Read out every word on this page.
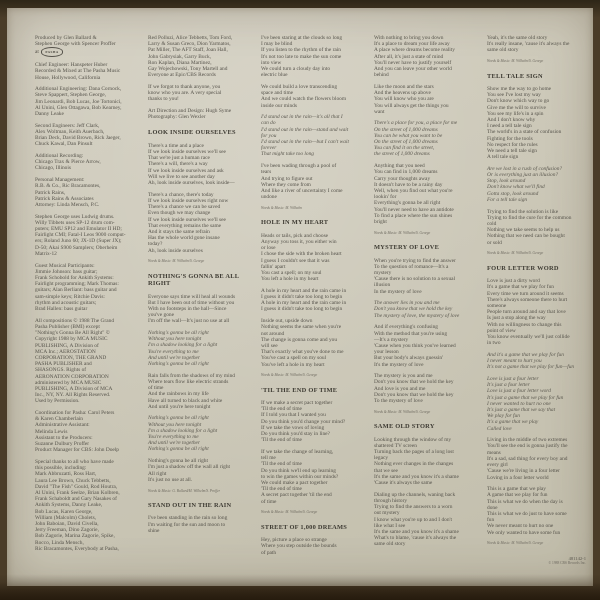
Produced by Glen Ballard &
Stephen George with Spencer Proffer
at PASHA
Chief Engineer: Hanspeter Huber
Recorded & Mixed at The Pasha Music
House, Hollywood, California
Additional Engineering: Dana Cornock,
Steve Spappert, Stephen George,
Jim Leonardi, Bob Lucas, Joe Tortonici,
Al Unini, Glen Ottagawa, Bob Kearney,
Danny Leake
Second Engineers: Jeff Clark,
Alex Woltman, Keith Auerbach,
Brian Deck, David Brown, Rick Jaeger,
Chuck Kawal, Dan Pinsult
Additional Recording:
Chicago Trax & Pierce Arrow,
Chicago, Illinois
Personal Management:
R.B. & Co., Ric Bracamontes,
Patrick Rains,
Patrick Rains & Associates
Attorney: Linda Mensch, P.C.
Stephen George uses Ludwig drums.
Willy Tibbets uses SP-12 drum com-
puters; EMU SP12 and Emulator II HD;
Fairlight CMI; Fatal-I Leos 9000 comput-
ers; Roland Juno 60; JX-1D (Super JX);
D-50; Akai S900 Samplers; Oberheim
Matrix-12
Guest Musical Participants:
Jimmie Johnson: bass guitar;
Frank Schobold for Ankith Systems:
Fairlight programming; Mark Thomas:
guitars; Alan Berliant: bass guitar and
sam-simple keys; Ritchie Davis:
rhythm and acoustic guitars;
Brad Hallen: bass guitar
All compositions © 1988 The Grand
Pasha Publisher (BMI) except
"Nothing's Gonna Be All Right" ©
Copyright 1988 by MCA MUSIC
PUBLISHING, A Division of
MCA Inc.; AEROSTATION
CORPORATION, THE GRAND
PASHA PUBLISHER and
SHASONGS. Rights of
AERONATION CORPORATION
administered by MCA MUSIC
PUBLISHING, A Division of MCA
Inc., NY, NY. All Rights Reserved.
Used by Permission.
Coordination for Pasha: Carol Peters
& Karen Chamberlain
Administrative Assistant:
Melinda Lewis
Assistant to the Producers:
Suzanne Dulbury Proffer
Product Manager for CBS: John Doelp
Special thanks to all who have made
this possible, including:
Mark Abbruzatti, Ross Hart,
Laura Lee Brown, Chuck Tebbetts,
David "The Fish" Gould, Rod Houtra,
Al Unini, Frank Seelze, Brian Kolbren,
Frank Schaboldt and Gary Nasakes of
Ankith Systems, Danny Leake,
Bob Lucas, Karen George,
William (Malcolm) Cholets,
John Baboian, David Civella,
Jerry Freeman, Dino Zagorie,
Bob Zagorie, Marina Zagorie, Spike,
Rocco, Linda Mensch,
Ric Bracamontes, Everybody at Pasha,
Red Polluzi, Alice Tebbetts, Tom Ford,
Larry & Susan Greco, Dion Yarmatos,
Pat Miller, The AFT Staff, Joan Hall,
John Gabrysiak, Garry Buck,
Ron Kaplan, Diana Martinez,
Gay Wojechowski, Tony Martell and
Everyone at Epic/CBS Records
If we forgot to thank anyone, you
know who you are. A very special
thanks to you!
Art Direction and Design: Hugh Syme
Photography: Glen Wexler
LOOK INSIDE OURSELVES
There's a time and a place
If we look inside ourselves we'll see
That we're just a human race
There's a will, there's a way
If we look inside ourselves and ask
Will we live to see another day
Ah, look inside ourselves, look inside—
There's a chance, there's today
If we look inside ourselves right now
There's a chance we can be saved
Even though we may change
If we look inside ourselves we'll see
That everything remains the same
And it stays the same refrain
Has the whole world gone insane
today?
Ah, look inside ourselves
Words & Music: M. Wilhelm/S. George
NOTHING'S GONNA BE ALL RIGHT
Everyone says time will heal all wounds
But I have been out of time without you
With no footsteps in the hall—Since
you've gone
I'm off the wall—It's just no use at all
Nothing's gonna be all right
Without you here tonight
I'm a shadow looking for a light
You're everything to me
And until we're together
Nothing's gonna be all right
Rain falls from the shadows of my mind
Where tears flow like electric strands
of time
And the rainbows in my life
Have all turned to black and white
And until you're here tonight
Nothing's gonna be all right
Without you here tonight
I'm a shadow looking for a light
You're everything to me
And until we're together
Nothing's gonna be all right
Nothing's gonna be all right
I'm just a shadow off the wall all right
All right
It's just no use at all.
Words & Music: G. Ballard/M. Wilhelm/S. Proffer
STAND OUT IN THE RAIN
I've been standing in the rain so long
I'm waiting for the sun and moon to
shine
I've been staring at the clouds so long
I may be blind
If you listen to the rhythm of the rain
It's not too late to make the sun come
into view
We could turn a cloudy day into
electric blue
We could build a love transcending
space and time
And we could watch the flowers bloom
inside our minds
I'd stand out in the rain—it's all that I
can do
I'd stand out in the rain—stand and wait
for you
I'd stand out in the rain—but I can't wait
forever
That might take too long
I've been wading through a pool of
tears
And trying to figure out
Where they come from
And like a river of uncertainty I come
undone
Words & Music: M. Wilhelm
HOLE IN MY HEART
Heads or tails, pick and choose
Anyway you toss it, you either win
or lose
I chose the side with the broken heart
I guess I couldn't see that it was
fallin' apart
You cast a spell; on my soul
You left a hole in my heart
A hole in my heart and the rain came in
I guess it didn't take too long to begin
A hole in my heart and the rain came in
I guess it didn't take too long to begin
Inside out, upside down
Nothing seems the same when you're
not around
The change is gonna come and you
will see
That's exactly what you've done to me
You've cast a spell on my soul
You've left a hole in my heart
Words & Music: M. Wilhelm/S. George
'TIL THE END OF TIME
If we make a secret pact together
'Til the end of time
If I told you that I wanted you
Do you think you'd change your mind?
If we take the vows of loving
Do you think you'd stay in line?
'Til the end of time
If we take the change of learning,
tell me
'Til the end of time
Do you think we'll end up learning
to win the games within our minds?
We could make a pact together
'Til the end of time
A secret pact together 'til the end
of time
Words & Music: M. Wilhelm/S. George
STREET OF 1,000 DREAMS
Hey, picture a place so strange
Where you step outside the bounds
of path
With nothing to bring you down
It's a place to dream your life away
A place where dreams become reality
After all, it's just a state of mind
You'll never have to justify yourself
And you can leave your other world
behind
Like the moon and the stars
And the heavens up above
You will know who you are
You will always get the things you
want
There's a place for you, a place for me
On the street of 1,000 dreams
You can be what you want to be
On the street of 1,000 dreams
You can find it on the street,
the street of 1,000 dreams
Anything that you need
You can find in 1,000 dreams
Carry your thoughts away
It doesn't have to be a rainy day
Well, when you find out what you're
lookin' for
Everything's gonna be all right
You'll never need to have an antidote
To find a place where the sun shines
bright
Words & Music: M. Wilhelm/S. George
MYSTERY OF LOVE
When you're trying to find the answer
To the question of romance—It's a
mystery
'Cause there is no solution to a sexual
illusion
In the mystery of love
The answer lies in you and me
Don't you know that we hold the key
The mystery of love, the mystery of love
And if everything's confusing
With the method that you're using
—It's a mystery
'Cause when you think you've learned
your lesson
But your body's always guessin'
It's the mystery of love
The mystery is you and me
Don't you know that we hold the key
And love is you and me
Don't you know that we hold the key
To the mystery of love
Words & Music: M. Wilhelm/S. George
SAME OLD STORY
Looking through the window of my
shattered TV screen
Turning back the pages of a long lost
legacy
Nothing ever changes in the changes
that we see
It's the same and you know it's a shame
'Cause it's always the same
Dialing up the channels, waning back
through history
Trying to find the answers to a worn
out mystery
I know what you're up to and I don't
like what I see
It's the same and you know it's a shame
What's to blame, 'cause it's always the
same old story
Yeah, it's the same old story
It's really insane, 'cause it's always the
same old story
Words & Music: M. Wilhelm/S. George
TELL TALE SIGN
Show me the way to go home
You see I've lost my way
Don't know which way to go
Give me the will to survive
You see my life's in a spin
And I don't know why
I need a tell tale sign
The world's in a state of confusion
Fighting for the tools
No respect for the rules
We need a tell tale sign
A tell tale sign
Are we lost in a rush of confusion?
Or is everything just an illusion?
Stop, look around
Don't know what we'll find
Gotta stop, look around
For a tell tale sign
Trying to find the solution is like
Trying to find the cure for the common
cold
Nothing we take seems to help us
Nothing that we need can be bought
or sold
Words & Music: M. Wilhelm/S. George
FOUR LETTER WORD
Love is just a dirty word
It's a game that we play for fun
Every time we turn around it seems
There's always someone there to hurt
someone
People turn around and say that love
Is just a stop along the way
With no willingness to change this
point of view
You know eventually we'll just collide
in two
And it's a game that we play for fun
I never meant to hurt you
It's not a game that we play for fun—fun
Love is just a four letter
It's just a four letter
Love is just a four letter word
It's just a game that we play for fun
I never wanted to hurt no one
It's just a game that we say that
We play for fun
It's a game that we play
Called love
Living in the middle of two extremes
You'll see the end is gonna justify the
means
It's a sad, sad thing for every boy and
every girl
'Cause we're living in a four letter
Loving in a four letter world
This is a game that we play
A game that we play for fun
This is what we do when the day is
done
This is what we do just to have some
fun
We never meant to hurt no one
We only wanted to have some fun
Words & Music: M. Wilhelm/S. George
481142-1
© 1988 CBS Records Inc.
